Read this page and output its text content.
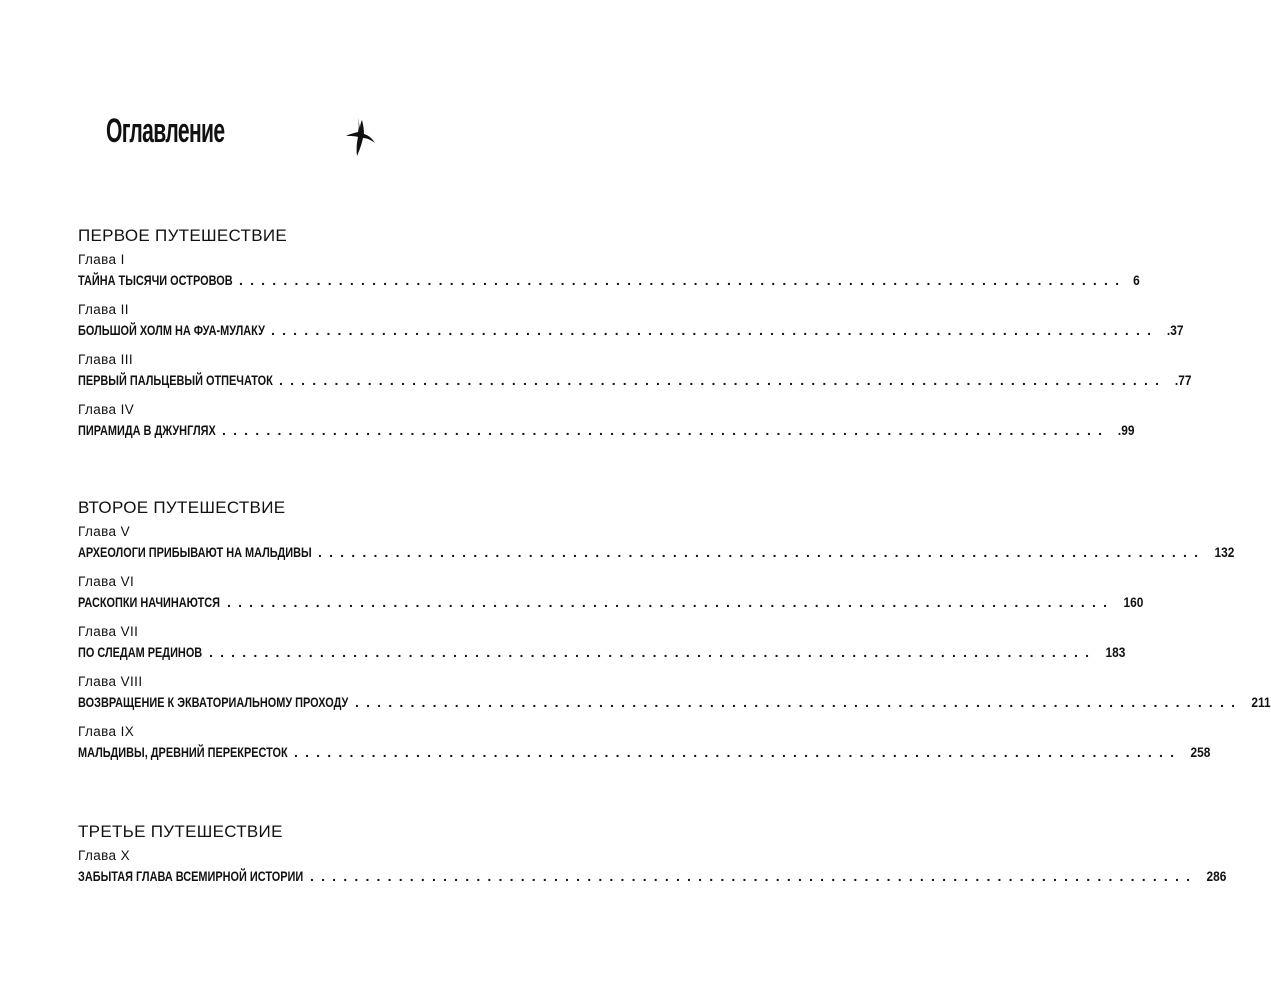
Оглавление
ПЕРВОЕ ПУТЕШЕСТВИЕ
Глава I
ТАЙНА ТЫСЯЧИ ОСТРОВОВ ................................................................................ 6
Глава II
БОЛЬШОЙ ХОЛМ НА ФУА-МУЛАКУ ................................................................................ .37
Глава III
ПЕРВЫЙ ПАЛЬЦЕВЫЙ ОТПЕЧАТОК ................................................................................ .77
Глава IV
ПИРАМИДА В ДЖУНГЛЯХ ................................................................................ .99
ВТОРОЕ ПУТЕШЕСТВИЕ
Глава V
АРХЕОЛОГИ ПРИБЫВАЮТ НА МАЛЬДИВЫ ................................................................................ 132
Глава VI
РАСКОПКИ НАЧИНАЮТСЯ ................................................................................ 160
Глава VII
ПО СЛЕДАМ РЕДИНОВ ................................................................................ 183
Глава VIII
ВОЗВРАЩЕНИЕ К ЭКВАТОРИАЛЬНОМУ ПРОХОДУ ................................................................................ 211
Глава IX
МАЛЬДИВЫ, ДРЕВНИЙ ПЕРЕКРЕСТОК ................................................................................ 258
ТРЕТЬЕ ПУТЕШЕСТВИЕ
Глава X
ЗАБЫТАЯ ГЛАВА ВСЕМИРНОЙ ИСТОРИИ ................................................................................ 286
